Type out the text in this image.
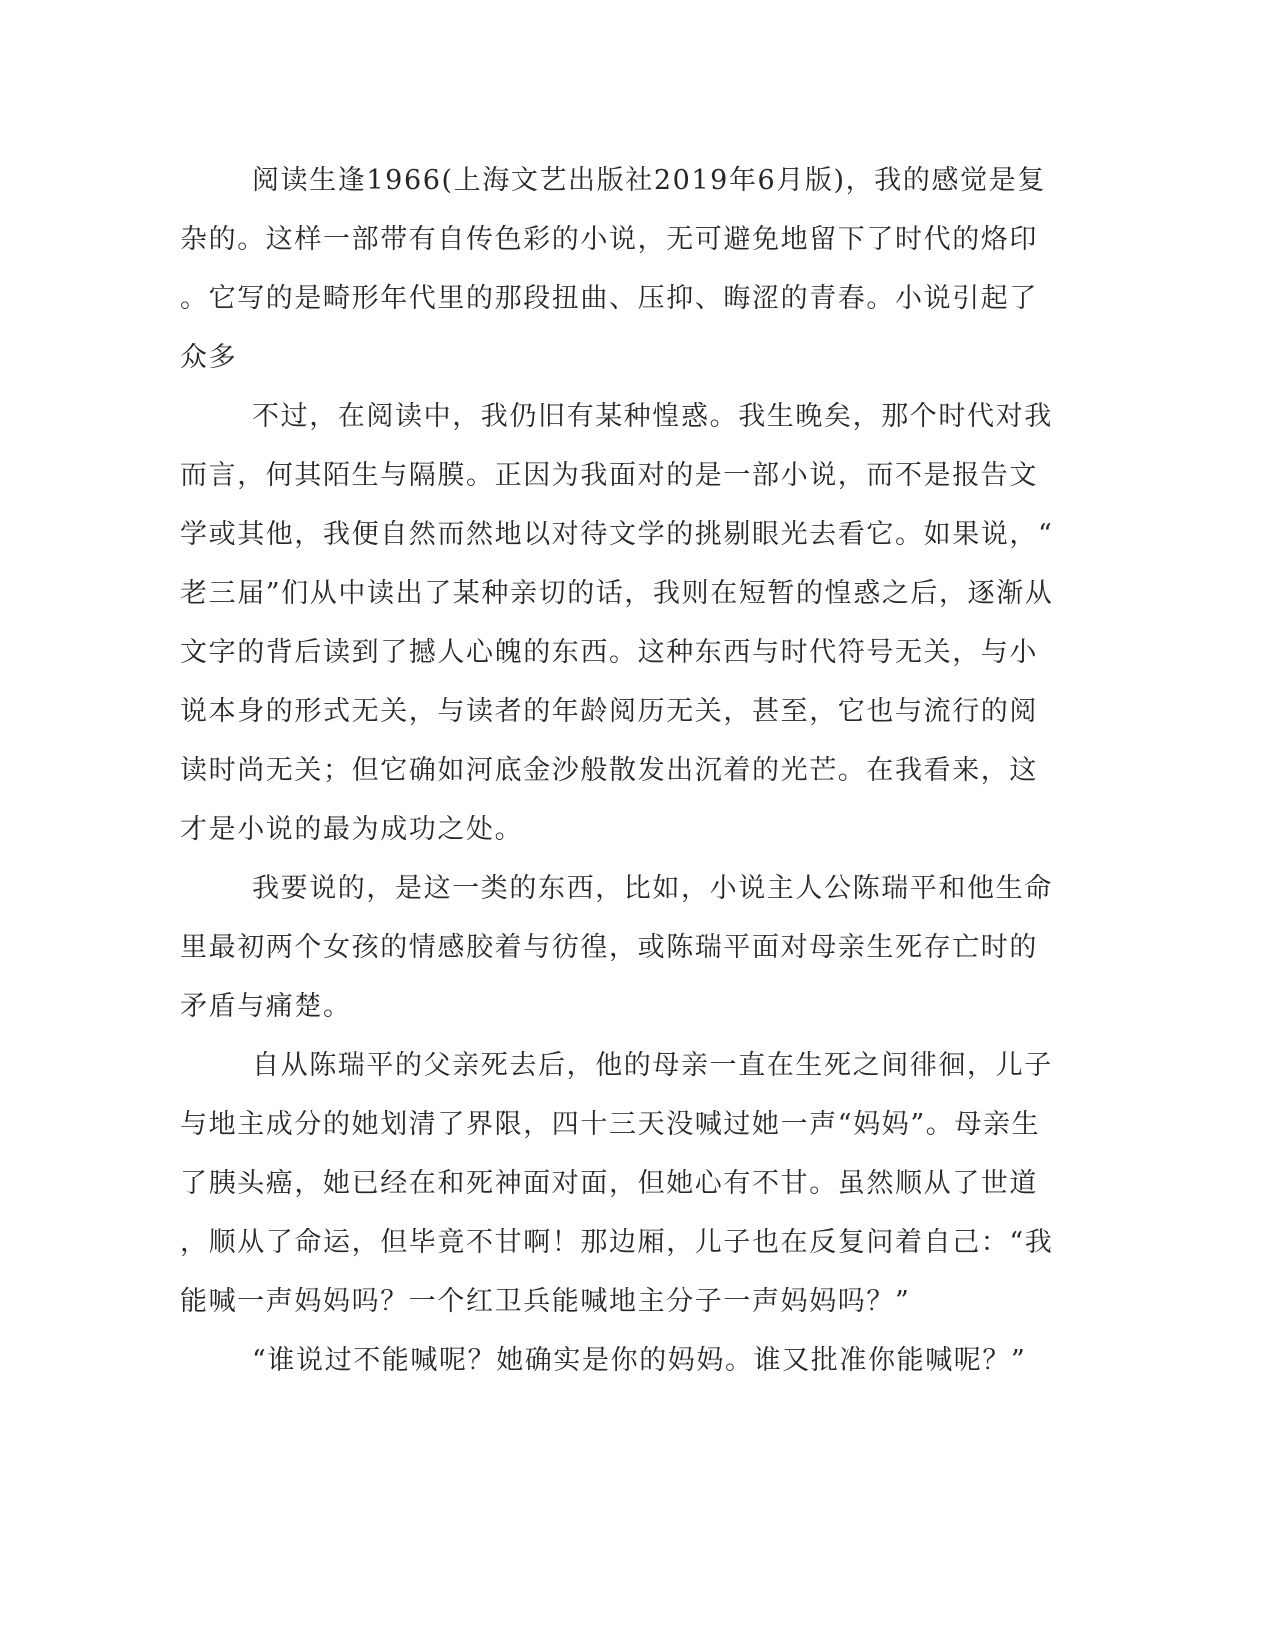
阅读生逢1966(上海文艺出版社2019年6月版)，我的感觉是复
杂的。这样一部带有自传色彩的小说，无可避免地留下了时代的烙印
。它写的是畸形年代里的那段扭曲、压抑、晦涩的青春。小说引起了
众多
不过，在阅读中，我仍旧有某种惶惑。我生晚矣，那个时代对我
而言，何其陌生与隔膜。正因为我面对的是一部小说，而不是报告文
学或其他，我便自然而然地以对待文学的挑剔眼光去看它。如果说，“
老三届”们从中读出了某种亲切的话，我则在短暂的惶惑之后，逐渐从
文字的背后读到了撼人心魄的东西。这种东西与时代符号无关，与小
说本身的形式无关，与读者的年龄阅历无关，甚至，它也与流行的阅
读时尚无关；但它确如河底金沙般散发出沉着的光芒。在我看来，这
才是小说的最为成功之处。
我要说的，是这一类的东西，比如，小说主人公陈瑞平和他生命
里最初两个女孩的情感胶着与彷徨，或陈瑞平面对母亲生死存亡时的
矛盾与痛楚。
自从陈瑞平的父亲死去后，他的母亲一直在生死之间徘徊，儿子
与地主成分的她划清了界限，四十三天没喊过她一声“妈妈”。母亲生
了胰头癌，她已经在和死神面对面，但她心有不甘。虽然顺从了世道
，顺从了命运，但毕竟不甘啊！那边厢，儿子也在反复问着自己：“我
能喊一声妈妈吗？一个红卫兵能喊地主分子一声妈妈吗？”
“谁说过不能喊呢？她确实是你的妈妈。谁又批准你能喊呢？”
